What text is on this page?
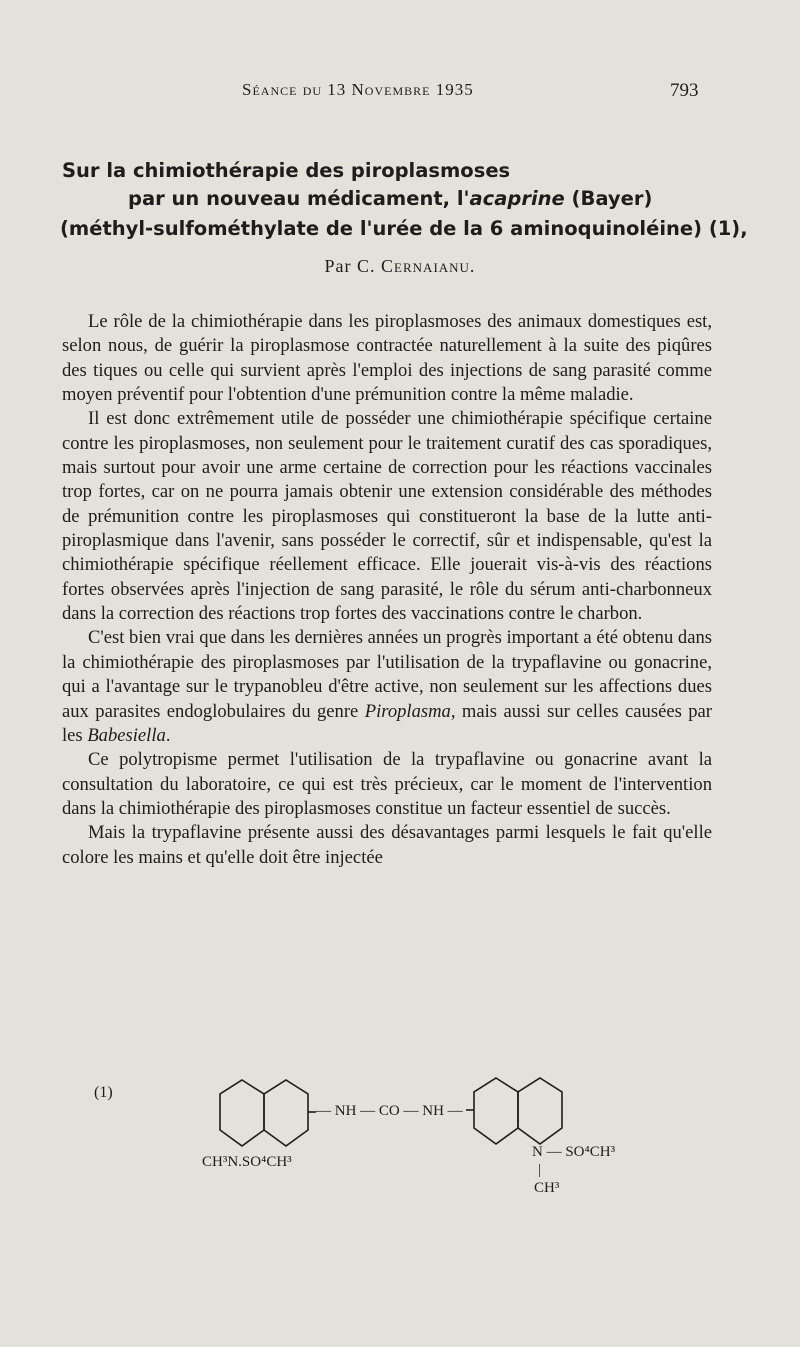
Séance du 13 Novembre 1935	793
Sur la chimiothérapie des piroplasmoses
par un nouveau médicament, l'acaprine (Bayer)
(méthyl-sulfométhylate de l'urée de la 6 aminoquinoléine) (1),
Par C. Cernaianu.

Le rôle de la chimiothérapie dans les piroplasmoses des animaux domestiques est, selon nous, de guérir la piroplasmose contractée naturellement à la suite des piqûres des tiques ou celle qui survient après l'emploi des injections de sang parasité comme moyen préventif pour l'obtention d'une prémunition contre la même maladie.

Il est donc extrêmement utile de posséder une chimiothérapie spécifique certaine contre les piroplasmoses, non seulement pour le traitement curatif des cas sporadiques, mais surtout pour avoir une arme certaine de correction pour les réactions vaccinales trop fortes, car on ne pourra jamais obtenir une extension considérable des méthodes de prémunition contre les piroplasmoses qui constitueront la base de la lutte anti-piroplasmique dans l'avenir, sans posséder le correctif, sûr et indispensable, qu'est la chimiothérapie spécifique réellement efficace. Elle jouerait vis-à-vis des réactions fortes observées après l'injection de sang parasité, le rôle du sérum anti-charbonneux dans la correction des réactions trop fortes des vaccinations contre le charbon.

C'est bien vrai que dans les dernières années un progrès important a été obtenu dans la chimiothérapie des piroplasmoses par l'utilisation de la trypaflavine ou gonacrine, qui a l'avantage sur le trypanobleu d'être active, non seulement sur les affections dues aux parasites endoglobulaires du genre Piroplasma, mais aussi sur celles causées par les Babesiella.

Ce polytropisme permet l'utilisation de la trypaflavine ou gonacrine avant la consultation du laboratoire, ce qui est très précieux, car le moment de l'intervention dans la chimiothérapie des piroplasmoses constitue un facteur essentiel de succès.

Mais la trypaflavine présente aussi des désavantages parmi lesquels le fait qu'elle colore les mains et qu'elle doit être injectée

(1)
— NH — CO — NH —
CH³N.SO⁴CH³
N — SO⁴CH³
|
CH³
